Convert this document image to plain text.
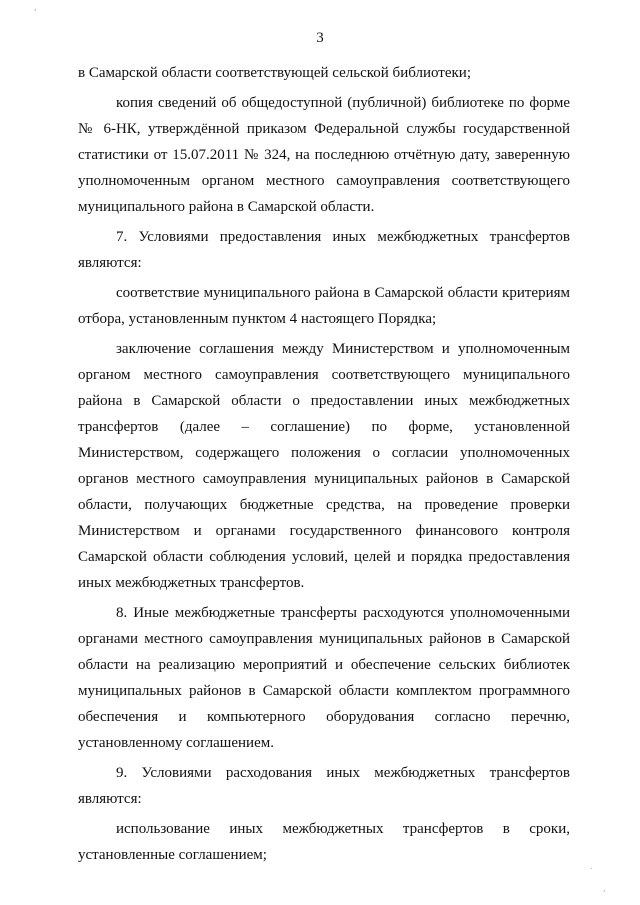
‘
3

в Самарской области соответствующей сельской библиотеки;

копия сведений об общедоступной (публичной) библиотеке по форме № 6-НК, утверждённой приказом Федеральной службы государственной статистики от 15.07.2011 № 324, на последнюю отчётную дату, заверенную уполномоченным органом местного самоуправления соответствующего муниципального района в Самарской области.

7. Условиями предоставления иных межбюджетных трансфертов являются:

соответствие муниципального района в Самарской области критериям отбора, установленным пунктом 4 настоящего Порядка;

заключение соглашения между Министерством и уполномоченным органом местного самоуправления соответствующего муниципального района в Самарской области о предоставлении иных межбюджетных трансфертов (далее – соглашение) по форме, установленной Министерством, содержащего положения о согласии уполномоченных органов местного самоуправления муниципальных районов в Самарской области, получающих бюджетные средства, на проведение проверки Министерством и органами государственного финансового контроля Самарской области соблюдения условий, целей и порядка предоставления иных межбюджетных трансфертов.

8. Иные межбюджетные трансферты расходуются уполномоченными органами местного самоуправления муниципальных районов в Самарской области на реализацию мероприятий и обеспечение сельских библиотек муниципальных районов в Самарской области комплектом программного обеспечения и компьютерного оборудования согласно перечню, установленному соглашением.

9. Условиями расходования иных межбюджетных трансфертов являются:

использование иных межбюджетных трансфертов в сроки, установленные соглашением;

.
,
